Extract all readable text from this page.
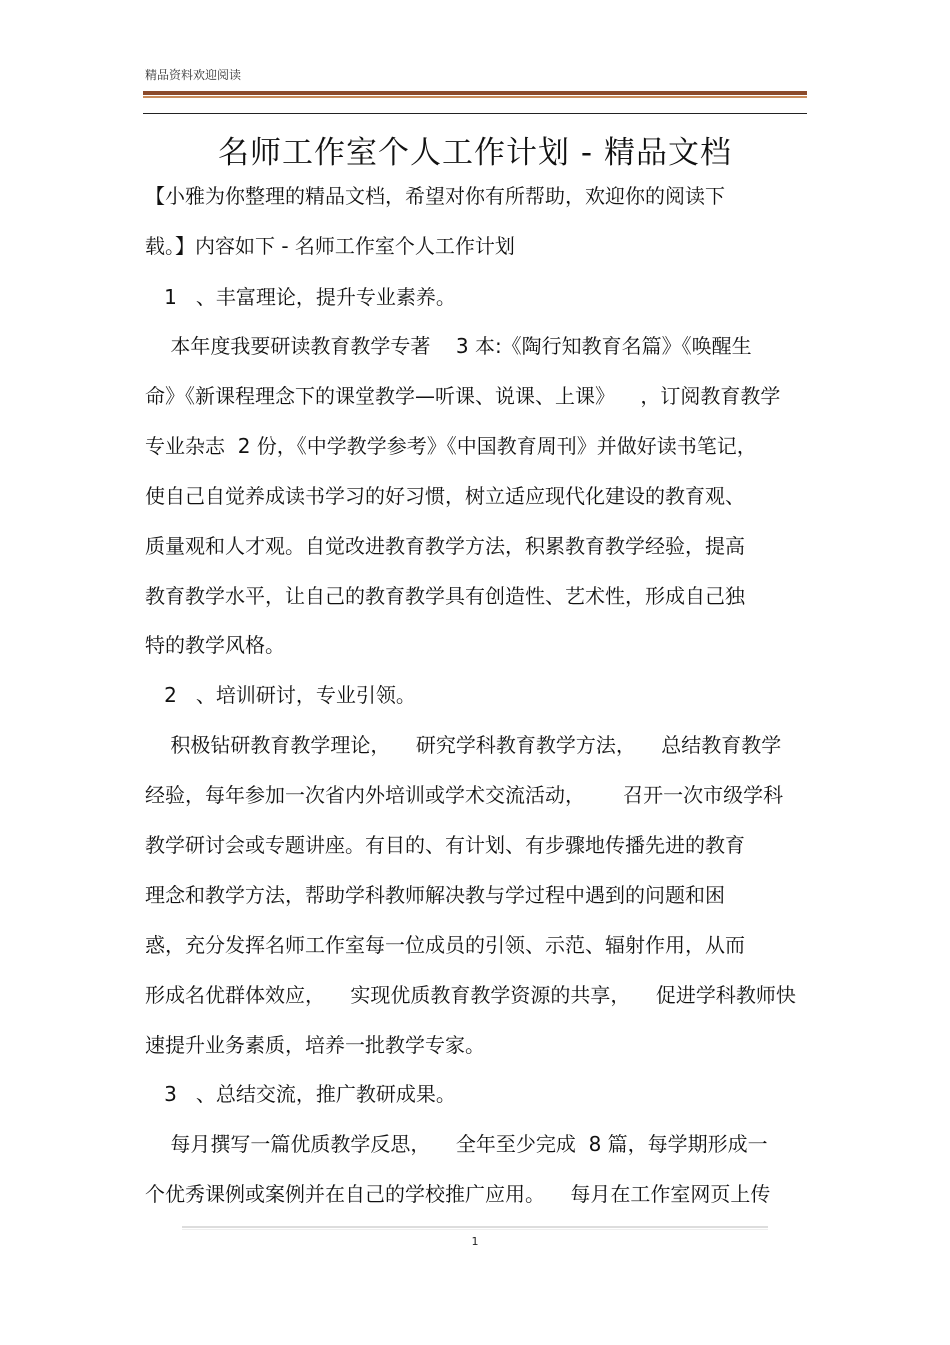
精品资料欢迎阅读
名师工作室个人工作计划 - 精品文档
【小雅为你整理的精品文档，希望对你有所帮助，欢迎你的阅读下
载。】内容如下 - 名师工作室个人工作计划
1   、丰富理论，提升专业素养。
本年度我要研读教育教学专著    3 本:《陶行知教育名篇》《唤醒生
命》《新课程理念下的课堂教学—听课、说课、上课》    ，订阅教育教学
专业杂志  2 份，《中学教学参考》《中国教育周刊》并做好读书笔记，
使自己自觉养成读书学习的好习惯，树立适应现代化建设的教育观、
质量观和人才观。自觉改进教育教学方法，积累教育教学经验，提高
教育教学水平，让自己的教育教学具有创造性、艺术性，形成自己独
特的教学风格。
2   、培训研讨，专业引领。
积极钻研教育教学理论，    研究学科教育教学方法，    总结教育教学
经验，每年参加一次省内外培训或学术交流活动，      召开一次市级学科
教学研讨会或专题讲座。有目的、有计划、有步骤地传播先进的教育
理念和教学方法，帮助学科教师解决教与学过程中遇到的问题和困
惑，充分发挥名师工作室每一位成员的引领、示范、辐射作用，从而
形成名优群体效应，    实现优质教育教学资源的共享，    促进学科教师快
速提升业务素质，培养一批教学专家。
3   、总结交流，推广教研成果。
每月撰写一篇优质教学反思，    全年至少完成  8 篇，每学期形成一
个优秀课例或案例并在自己的学校推广应用。    每月在工作室网页上传
1
